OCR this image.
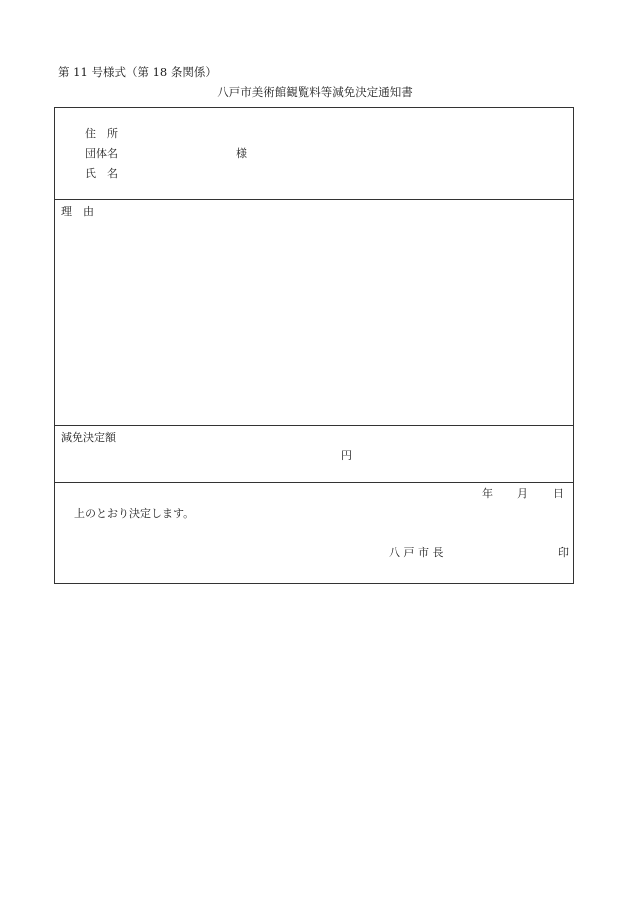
第 11 号様式（第 18 条関係）
八戸市美術館観覧料等減免決定通知書
住　所
団体名	様
氏　名
理　由
減免決定額
円
年 月 日
上のとおり決定します。
八 戸 市 長	印
